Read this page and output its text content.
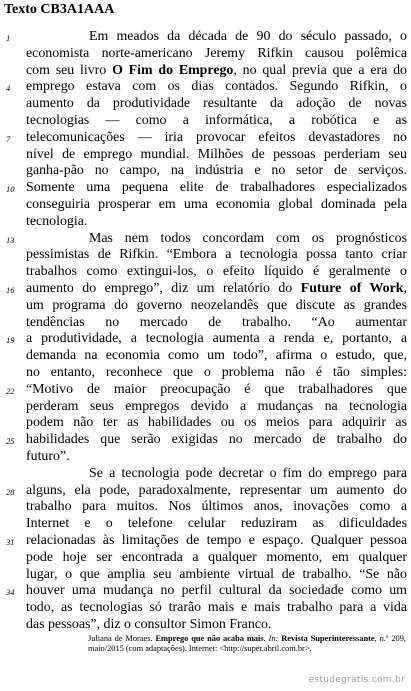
Texto CB3A1AAA
1	Em meados da década de 90 do século passado, o
economista norte-americano Jeremy Rifkin causou polêmica
com seu livro O Fim do Emprego, no qual previa que a era do
4	emprego estava com os dias contados. Segundo Rifkin, o
aumento da produtividade resultante da adoção de novas
tecnologias — como a informática, a robótica e as
7	telecomunicações — iria provocar efeitos devastadores no
nível de emprego mundial. Milhões de pessoas perderiam seu
ganha-pão no campo, na indústria e no setor de serviços.
10 Somente uma pequena elite de trabalhadores especializados
conseguiria prosperar em uma economia global dominada pela
tecnologia.
13	Mas nem todos concordam com os prognósticos
pessimistas de Rifkin. “Embora a tecnologia possa tanto criar
trabalhos como extingui-los, o efeito líquido é geralmente o
16 aumento do emprego”, diz um relatório do Future of Work,
um programa do governo neozelandês que discute as grandes
tendências no mercado de trabalho. “Ao aumentar
19 a produtividade, a tecnologia aumenta a renda e, portanto, a
demanda na economia como um todo”, afirma o estudo, que,
no entanto, reconhece que o problema não é tão simples:
22 “Motivo de maior preocupação é que trabalhadores que
perderam seus empregos devido a mudanças na tecnologia
podem não ter as habilidades ou os meios para adquirir as
25 habilidades que serão exigidas no mercado de trabalho do
futuro”.
Se a tecnologia pode decretar o fim do emprego para
28 alguns, ela pode, paradoxalmente, representar um aumento do
trabalho para muitos. Nos últimos anos, inovações como a
Internet e o telefone celular reduziram as dificuldades
31 relacionadas às limitações de tempo e espaço. Qualquer pessoa
pode hoje ser encontrada a qualquer momento, em qualquer
lugar, o que amplia seu ambiente virtual de trabalho. “Se não
34 houver uma mudança no perfil cultural da sociedade como um
todo, as tecnologias só trarão mais e mais trabalho para a vida
das pessoas”, diz o consultor Simon Franco.
Juliana de Moraes. Emprego que não acaba mais. In: Revista Superinteressante, n.º 209, maio/2015 (com adaptações). Internet: <http://super.abril.com.br>.
estudegratis.com.br
